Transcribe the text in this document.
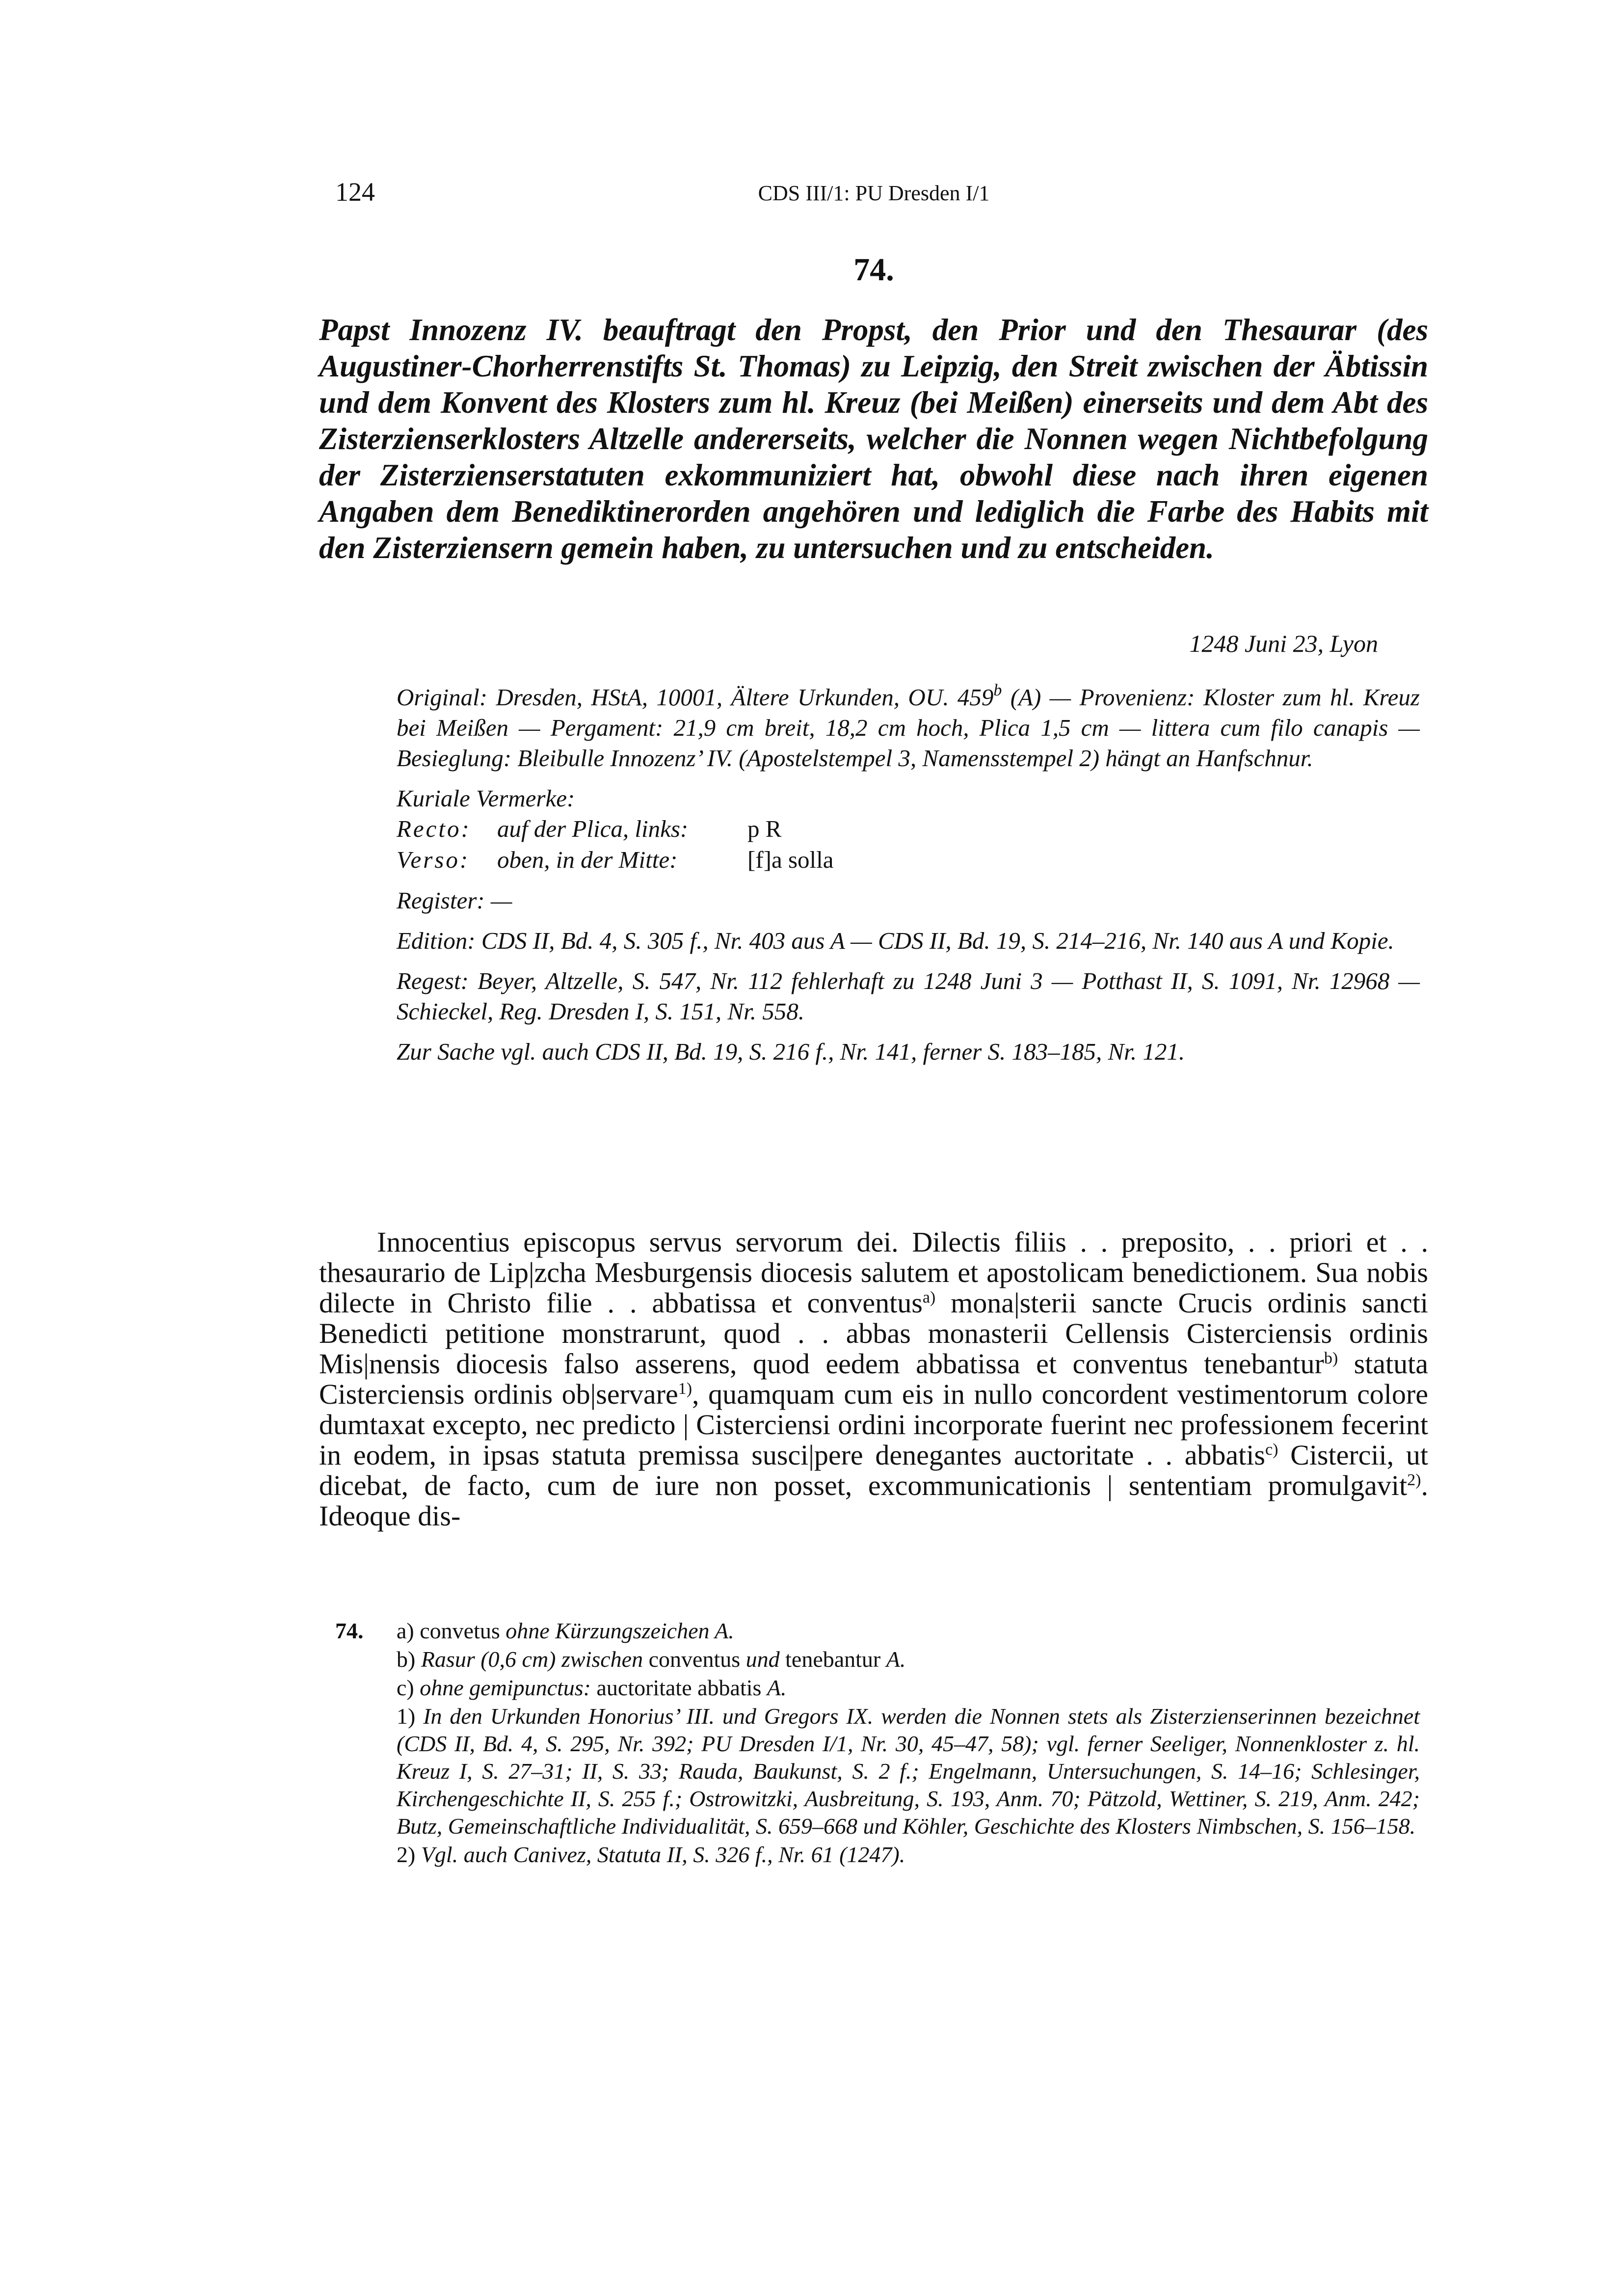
124	CDS III/1: PU Dresden I/1
74.

Papst Innozenz IV. beauftragt den Propst, den Prior und den Thesaurar (des Augustiner-Chorherrenstifts St. Thomas) zu Leipzig, den Streit zwischen der Äbtissin und dem Konvent des Klosters zum hl. Kreuz (bei Meißen) einerseits und dem Abt des Zisterzienserklosters Altzelle andererseits, welcher die Nonnen wegen Nichtbefolgung der Zisterzienserstatuten exkommuniziert hat, obwohl diese nach ihren eigenen Angaben dem Benediktinerorden angehören und lediglich die Farbe des Habits mit den Zisterziensern gemein haben, zu untersuchen und zu entscheiden.

1248 Juni 23, Lyon

Original: Dresden, HStA, 10001, Ältere Urkunden, OU. 459$^b$ (A) — Provenienz: Kloster zum hl. Kreuz bei Meißen — Pergament: 21,9 cm breit, 18,2 cm hoch, Plica 1,5 cm — littera cum filo canapis — Besieglung: Bleibulle Innozenz’ IV. (Apostelstempel 3, Namensstempel 2) hängt an Hanfschnur.

Kuriale Vermerke:
Recto:	auf der Plica, links:	p R
Verso:	oben, in der Mitte:	[f]a solla

Register: —

Edition: CDS II, Bd. 4, S. 305 f., Nr. 403 aus A — CDS II, Bd. 19, S. 214–216, Nr. 140 aus A und Kopie.

Regest: Beyer, Altzelle, S. 547, Nr. 112 fehlerhaft zu 1248 Juni 3 — Potthast II, S. 1091, Nr. 12968 — Schieckel, Reg. Dresden I, S. 151, Nr. 558.

Zur Sache vgl. auch CDS II, Bd. 19, S. 216 f., Nr. 141, ferner S. 183–185, Nr. 121.

Innocentius episcopus servus servorum dei. Dilectis filiis . . preposito, . . priori et . . thesaurario de Lip|zcha Mesburgensis diocesis salutem et apostolicam benedictionem. Sua nobis dilecte in Christo filie . . abbatissa et conventus$^{a)}$ mona|sterii sancte Crucis ordinis sancti Benedicti petitione monstrarunt, quod . . abbas monasterii Cellensis Cisterciensis ordinis Mis|nensis diocesis falso asserens, quod eedem abbatissa et conventus tenebantur$^{b)}$ statuta Cisterciensis ordinis ob|servare$^{1)}$, quamquam cum eis in nullo concordent vestimentorum colore dumtaxat excepto, nec predicto | Cisterciensi ordini incorporate fuerint nec professionem fecerint in eodem, in ipsas statuta premissa susci|pere denegantes auctoritate . . abbatis$^{c)}$ Cistercii, ut dicebat, de facto, cum de iure non posset, excommunicationis | sententiam promulgavit$^{2)}$. Ideoque dis-

74. a) convetus ohne Kürzungszeichen A.
b) Rasur (0,6 cm) zwischen conventus und tenebantur A.
c) ohne gemipunctus: auctoritate abbatis A.
1) In den Urkunden Honorius’ III. und Gregors IX. werden die Nonnen stets als Zisterzienserinnen bezeichnet (CDS II, Bd. 4, S. 295, Nr. 392; PU Dresden I/1, Nr. 30, 45–47, 58); vgl. ferner Seeliger, Nonnenkloster z. hl. Kreuz I, S. 27–31; II, S. 33; Rauda, Baukunst, S. 2 f.; Engelmann, Untersuchungen, S. 14–16; Schlesinger, Kirchengeschichte II, S. 255 f.; Ostrowitzki, Ausbreitung, S. 193, Anm. 70; Pätzold, Wettiner, S. 219, Anm. 242; Butz, Gemeinschaftliche Individualität, S. 659–668 und Köhler, Geschichte des Klosters Nimbschen, S. 156–158.
2) Vgl. auch Canivez, Statuta II, S. 326 f., Nr. 61 (1247).
